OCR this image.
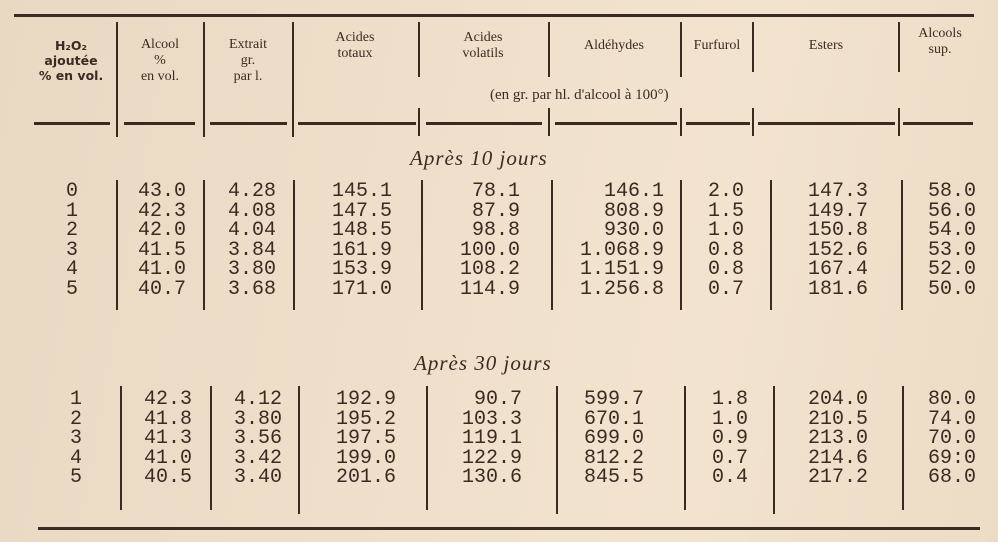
H₂O₂
ajoutée
% en vol.
Alcool
%
en vol.
Extrait
gr.
par l.
Acides
totaux
Acides
volatils
Aldéhydes	Furfurol	Esters
Alcools
sup.
(en gr. par hl. d'alcool à 100°)
Après 10 jours
0
1
2
3
4
5
43.0
42.3
42.0
41.5
41.0
40.7
4.28
4.08
4.04
3.84
3.80
3.68
145.1
147.5
148.5
161.9
153.9
171.0
78.1
87.9
98.8
100.0
108.2
114.9
146.1
808.9
930.0
1.068.9
1.151.9
1.256.8
2.0
1.5
1.0
0.8
0.8
0.7
147.3
149.7
150.8
152.6
167.4
181.6
58.0
56.0
54.0
53.0
52.0
50.0
Après 30 jours
1
2
3
4
5
42.3
41.8
41.3
41.0
40.5
4.12
3.80
3.56
3.42
3.40
192.9
195.2
197.5
199.0
201.6
90.7
103.3
119.1
122.9
130.6
599.7
670.1
699.0
812.2
845.5
1.8
1.0
0.9
0.7
0.4
204.0
210.5
213.0
214.6
217.2
80.0
74.0
70.0
69:0
68.0
